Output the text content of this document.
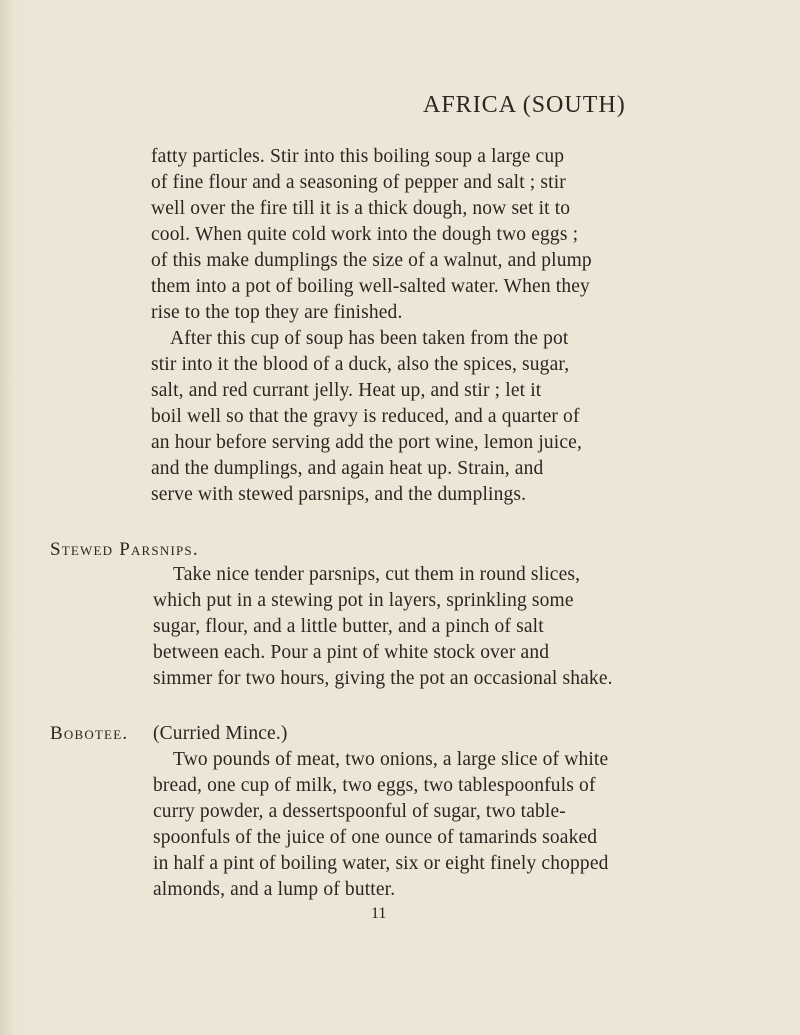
AFRICA (SOUTH)
fatty particles. Stir into this boiling soup a large cup
of fine flour and a seasoning of pepper and salt ; stir
well over the fire till it is a thick dough, now set it to
cool. When quite cold work into the dough two eggs ;
of this make dumplings the size of a walnut, and plump
them into a pot of boiling well-salted water. When they
rise to the top they are finished.
After this cup of soup has been taken from the pot
stir into it the blood of a duck, also the spices, sugar,
salt, and red currant jelly. Heat up, and stir ; let it
boil well so that the gravy is reduced, and a quarter of
an hour before serving add the port wine, lemon juice,
and the dumplings, and again heat up. Strain, and
serve with stewed parsnips, and the dumplings.
Stewed Parsnips.
Take nice tender parsnips, cut them in round slices,
which put in a stewing pot in layers, sprinkling some
sugar, flour, and a little butter, and a pinch of salt
between each. Pour a pint of white stock over and
simmer for two hours, giving the pot an occasional shake.
Bobotee. (Curried Mince.)
Two pounds of meat, two onions, a large slice of white
bread, one cup of milk, two eggs, two tablespoonfuls of
curry powder, a dessertspoonful of sugar, two table-
spoonfuls of the juice of one ounce of tamarinds soaked
in half a pint of boiling water, six or eight finely chopped
almonds, and a lump of butter.
11
